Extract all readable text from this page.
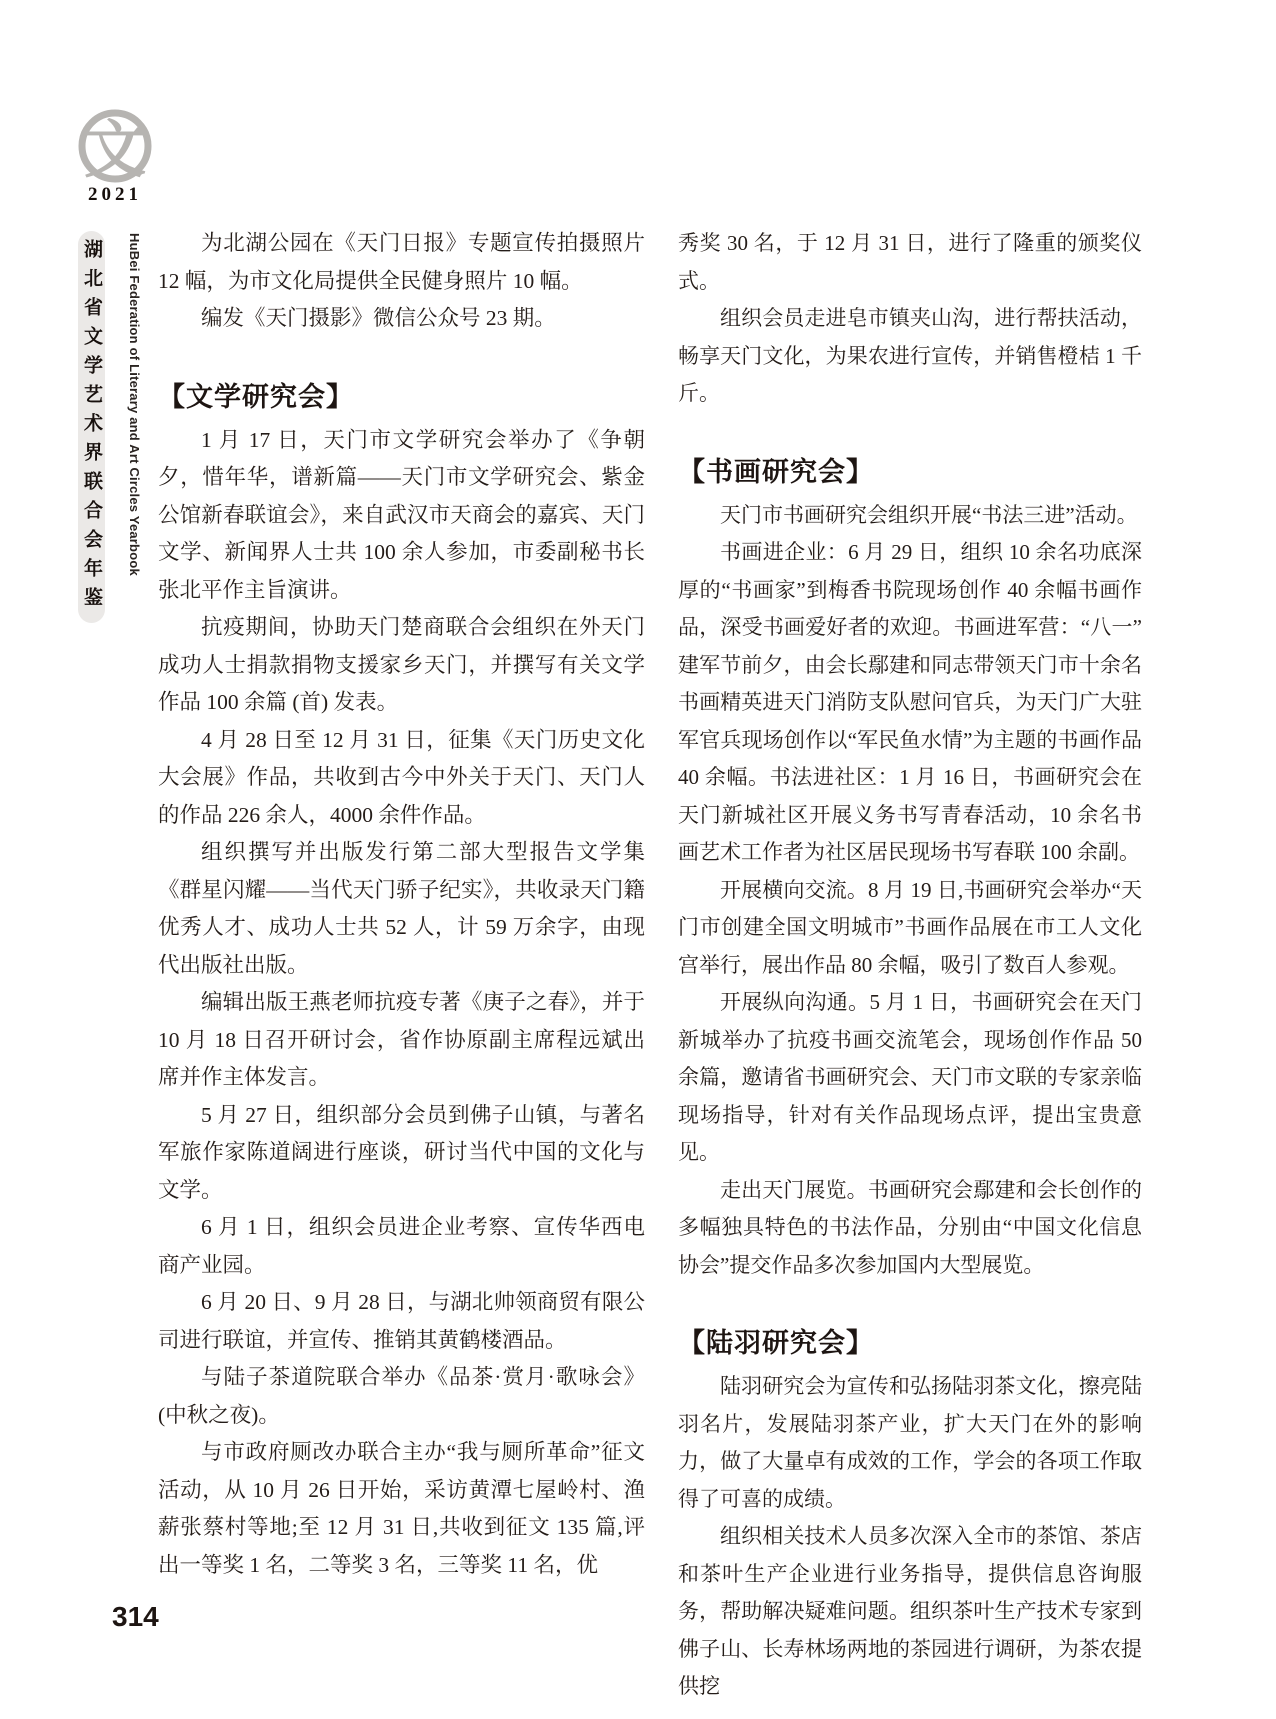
文
2021
湖北省文学艺术界联合会年鉴 HuBei Federation of Literary and Art Circles Yearbook	为北湖公园在《天门日报》专题宣传拍摄照片 12 幅，为市文化局提供全民健身照片 10 幅。

编发《天门摄影》微信公众号 23 期。

【文学研究会】

1 月 17 日，天门市文学研究会举办了《争朝夕，惜年华，谱新篇——天门市文学研究会、紫金公馆新春联谊会》，来自武汉市天商会的嘉宾、天门文学、新闻界人士共 100 余人参加，市委副秘书长张北平作主旨演讲。

抗疫期间，协助天门楚商联合会组织在外天门成功人士捐款捐物支援家乡天门，并撰写有关文学作品 100 余篇 (首) 发表。

4 月 28 日至 12 月 31 日，征集《天门历史文化大会展》作品，共收到古今中外关于天门、天门人的作品 226 余人，4000 余件作品。

组织撰写并出版发行第二部大型报告文学集《群星闪耀——当代天门骄子纪实》，共收录天门籍优秀人才、成功人士共 52 人，计 59 万余字，由现代出版社出版。

编辑出版王燕老师抗疫专著《庚子之春》，并于 10 月 18 日召开研讨会，省作协原副主席程远斌出席并作主体发言。

5 月 27 日，组织部分会员到佛子山镇，与著名军旅作家陈道阔进行座谈，研讨当代中国的文化与文学。

6 月 1 日，组织会员进企业考察、宣传华西电商产业园。

6 月 20 日、9 月 28 日，与湖北帅领商贸有限公司进行联谊，并宣传、推销其黄鹤楼酒品。

与陆子茶道院联合举办《品茶·赏月·歌咏会》(中秋之夜)。

与市政府厕改办联合主办“我与厕所革命”征文活动，从 10 月 26 日开始，采访黄潭七屋岭村、渔薪张蔡村等地;至 12 月 31 日,共收到征文 135 篇,评出一等奖 1 名，二等奖 3 名，三等奖 11 名，优

秀奖 30 名，于 12 月 31 日，进行了隆重的颁奖仪式。

组织会员走进皂市镇夹山沟，进行帮扶活动，畅享天门文化，为果农进行宣传，并销售橙桔 1 千斤。

【书画研究会】

天门市书画研究会组织开展“书法三进”活动。

书画进企业：6 月 29 日，组织 10 余名功底深厚的“书画家”到梅香书院现场创作 40 余幅书画作品，深受书画爱好者的欢迎。书画进军营：“八一”建军节前夕，由会长鄢建和同志带领天门市十余名书画精英进天门消防支队慰问官兵，为天门广大驻军官兵现场创作以“军民鱼水情”为主题的书画作品 40 余幅。书法进社区：1 月 16 日，书画研究会在天门新城社区开展义务书写青春活动，10 余名书画艺术工作者为社区居民现场书写春联 100 余副。

开展横向交流。8 月 19 日,书画研究会举办“天门市创建全国文明城市”书画作品展在市工人文化宫举行，展出作品 80 余幅，吸引了数百人参观。

开展纵向沟通。5 月 1 日，书画研究会在天门新城举办了抗疫书画交流笔会，现场创作作品 50 余篇，邀请省书画研究会、天门市文联的专家亲临现场指导，针对有关作品现场点评，提出宝贵意见。

走出天门展览。书画研究会鄢建和会长创作的多幅独具特色的书法作品，分别由“中国文化信息协会”提交作品多次参加国内大型展览。

【陆羽研究会】

陆羽研究会为宣传和弘扬陆羽茶文化，擦亮陆羽名片，发展陆羽茶产业，扩大天门在外的影响力，做了大量卓有成效的工作，学会的各项工作取得了可喜的成绩。

组织相关技术人员多次深入全市的茶馆、茶店和茶叶生产企业进行业务指导，提供信息咨询服务，帮助解决疑难问题。组织茶叶生产技术专家到佛子山、长寿林场两地的茶园进行调研，为茶农提供挖

314
